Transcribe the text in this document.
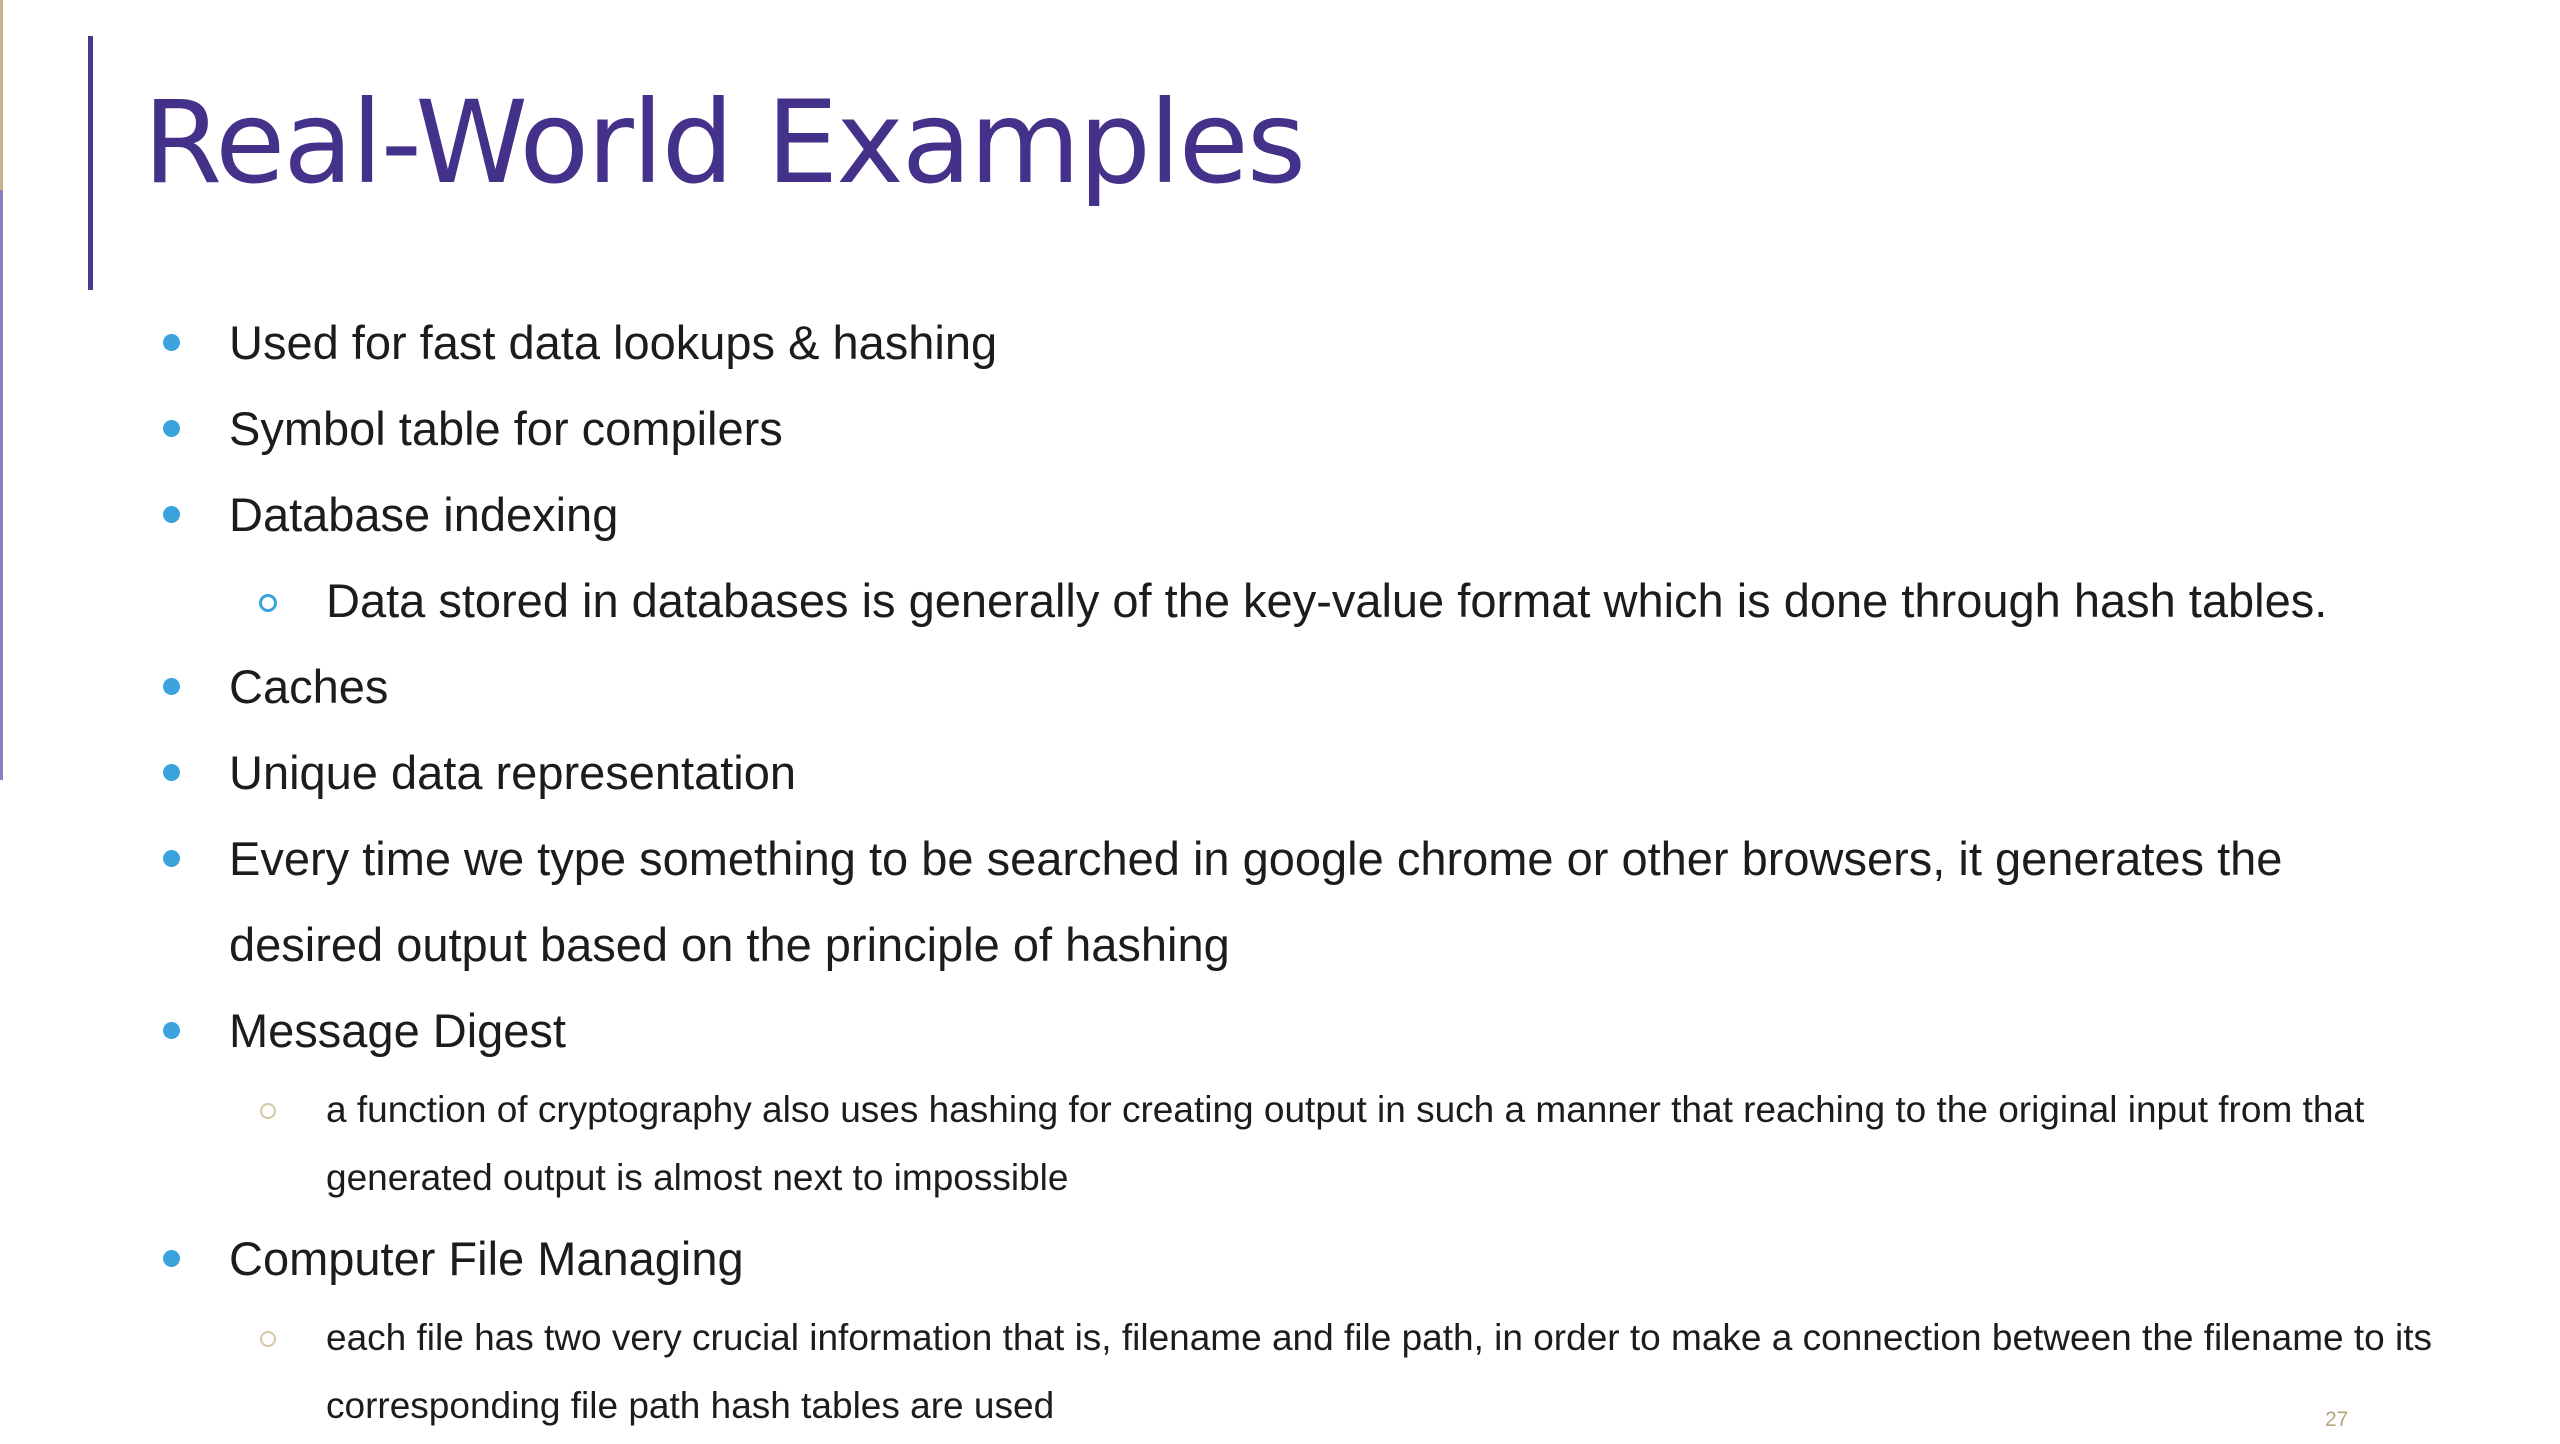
Real-World Examples
Used for fast data lookups & hashing
Symbol table for compilers
Database indexing
Data stored in databases is generally of the key-value format which is done through hash tables.
Caches
Unique data representation
Every time we type something to be searched in google chrome or other browsers, it generates the desired output based on the principle of hashing
Message Digest
a function of cryptography also uses hashing for creating output in such a manner that reaching to the original input from that generated output is almost next to impossible
Computer File Managing
each file has two very crucial information that is, filename and file path, in order to make a connection between the filename to its corresponding file path hash tables are used	27
